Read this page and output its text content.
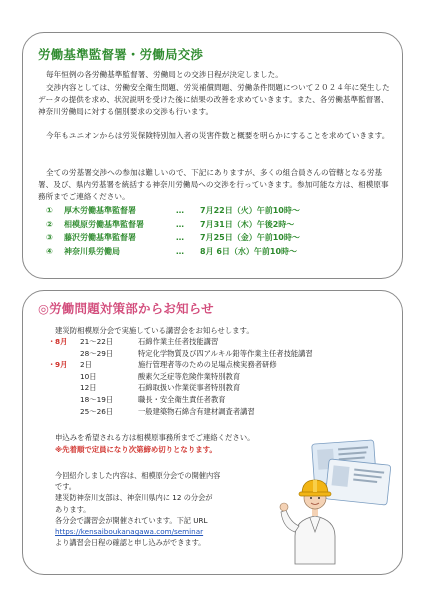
労働基準監督署・労働局交渉
毎年恒例の各労働基準監督署、労働局との交渉日程が決定しました。
交渉内容としては、労働安全衛生問題、労災補償問題、労働条件問題について２０２４年に発生したデータの提供を求め、状況説明を受けた後に結果の改善を求めていきます。また、各労働基準監督署、神奈川労働局に対する個別要求の交渉も行います。
今年もユニオンからは労災保険特別加入者の災害件数と概要を明らかにすることを求めていきます。
全ての労基署交渉への参加は難しいので、下記にありますが、多くの組合員さんの管轄となる労基署、及び、県内労基署を統括する神奈川労働局への交渉を行っていきます。参加可能な方は、相模原事務所までご連絡ください。
① 厚木労働基準監督署	… 7月22日（火）午前10時～
② 相模原労働基準監督署	… 7月31日（木）午後2時～
③ 藤沢労働基準監督署	… 7月25日（金）午前10時～
④ 神奈川県労働局	… 8月 6日（水）午前10時～
◎労働問題対策部からお知らせ
建災防相模原分会で実施している講習会をお知らせします。
・ 8月 21～22日	石綿作業主任者技能講習
28～29日	特定化学物質及び四アルキル鉛等作業主任者技能講習
・ 9月 2日	施行管理者等のための足場点検実務者研修
10日	酸素欠乏症等危険作業特別教育
12日	石綿取扱い作業従事者特別教育
18～19日	職長・安全衛生責任者教育
25～26日	一般建築物石綿含有建材調査者講習
申込みを希望される方は相模原事務所までご連絡ください。
※先着順で定員になり次第締め切りとなります。
今回紹介しました内容は、相模原分会での開催内容
です。
建災防神奈川支部は、神奈川県内に 12 の分会が
あります。
各分会で講習会が開催されています。下記 URL
https://kensaiboukanagawa.com/seminar
より講習会日程の確認と申し込みができます。
